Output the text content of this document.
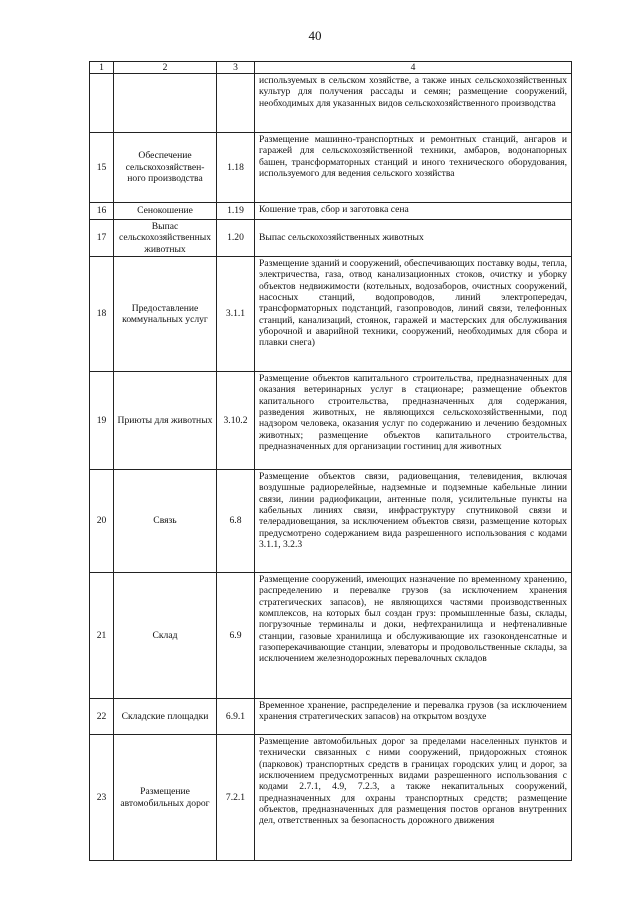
40
1	2	3	4
			используемых в сельском хозяйстве, а также иных сельскохозяйственных культур для получения рассады и семян; размещение сооружений, необходимых для указанных видов сельскохозяйственного производства
15	Обеспечение сельскохозяйствен-ного производства	1.18	Размещение машинно-транспортных и ремонтных станций, ангаров и гаражей для сельскохозяйственной техники, амбаров, водонапорных башен, трансформаторных станций и иного технического оборудования, используемого для ведения сельского хозяйства
16	Сенокошение	1.19	Кошение трав, сбор и заготовка сена
17	Выпас сельскохозяйственных животных	1.20	Выпас сельскохозяйственных животных
18	Предоставление коммунальных услуг	3.1.1	Размещение зданий и сооружений, обеспечивающих поставку воды, тепла, электричества, газа, отвод канализационных стоков, очистку и уборку объектов недвижимости (котельных, водозаборов, очистных сооружений, насосных станций, водопроводов, линий электропередач, трансформаторных подстанций, газопроводов, линий связи, телефонных станций, канализаций, стоянок, гаражей и мастерских для обслуживания уборочной и аварийной техники, сооружений, необходимых для сбора и плавки снега)
19	Приюты для животных	3.10.2	Размещение объектов капитального строительства, предназначенных для оказания ветеринарных услуг в стационаре; размещение объектов капитального строительства, предназначенных для содержания, разведения животных, не являющихся сельскохозяйственными, под надзором человека, оказания услуг по содержанию и лечению бездомных животных; размещение объектов капитального строительства, предназначенных для организации гостиниц для животных
20	Связь	6.8	Размещение объектов связи, радиовещания, телевидения, включая воздушные радиорелейные, надземные и подземные кабельные линии связи, линии радиофикации, антенные поля, усилительные пункты на кабельных линиях связи, инфраструктуру спутниковой связи и телерадиовещания, за исключением объектов связи, размещение которых предусмотрено содержанием вида разрешенного использования с кодами 3.1.1, 3.2.3
21	Склад	6.9	Размещение сооружений, имеющих назначение по временному хранению, распределению и перевалке грузов (за исключением хранения стратегических запасов), не являющихся частями производственных комплексов, на которых был создан груз: промышленные базы, склады, погрузочные терминалы и доки, нефтехранилища и нефтеналивные станции, газовые хранилища и обслуживающие их газоконденсатные и газоперекачивающие станции, элеваторы и продовольственные склады, за исключением железнодорожных перевалочных складов
22	Складские площадки	6.9.1	Временное хранение, распределение и перевалка грузов (за исключением хранения стратегических запасов) на открытом воздухе
23	Размещение автомобильных дорог	7.2.1	Размещение автомобильных дорог за пределами населенных пунктов и технически связанных с ними сооружений, придорожных стоянок (парковок) транспортных средств в границах городских улиц и дорог, за исключением предусмотренных видами разрешенного использования с кодами 2.7.1, 4.9, 7.2.3, а также некапитальных сооружений, предназначенных для охраны транспортных средств; размещение объектов, предназначенных для размещения постов органов внутренних дел, ответственных за безопасность дорожного движения
